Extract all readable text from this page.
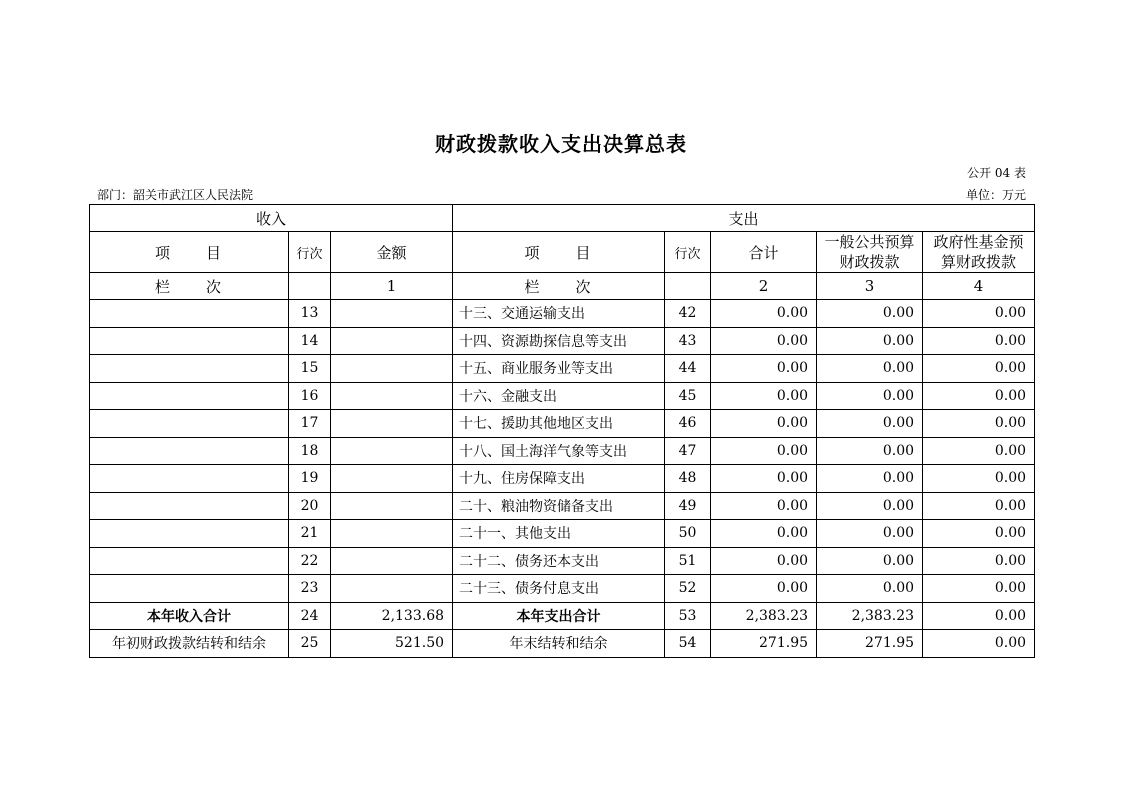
财政拨款收入支出决算总表
公开 04 表
部门：韶关市武江区人民法院	单位：万元
收入			支出				
项　　目	行次	金额	项　　目	行次	合计	一般公共预算财政拨款	政府性基金预算财政拨款
栏　　次		1	栏　　次		2	3	4
	13		十三、交通运输支出	42	0.00	0.00	0.00
	14		十四、资源勘探信息等支出	43	0.00	0.00	0.00
	15		十五、商业服务业等支出	44	0.00	0.00	0.00
	16		十六、金融支出	45	0.00	0.00	0.00
	17		十七、援助其他地区支出	46	0.00	0.00	0.00
	18		十八、国土海洋气象等支出	47	0.00	0.00	0.00
	19		十九、住房保障支出	48	0.00	0.00	0.00
	20		二十、粮油物资储备支出	49	0.00	0.00	0.00
	21		二十一、其他支出	50	0.00	0.00	0.00
	22		二十二、债务还本支出	51	0.00	0.00	0.00
	23		二十三、债务付息支出	52	0.00	0.00	0.00
本年收入合计	24	2,133.68	本年支出合计	53	2,383.23	2,383.23	0.00
年初财政拨款结转和结余	25	521.50	年末结转和结余	54	271.95	271.95	0.00
